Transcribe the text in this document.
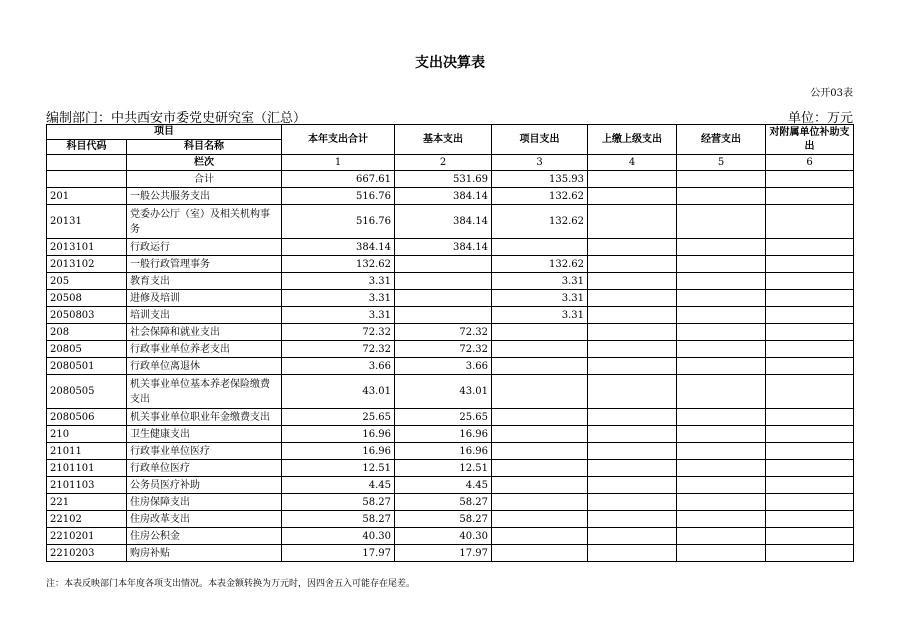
支出决算表
公开03表
编制部门：中共西安市委党史研究室（汇总）	单位：万元
项目		本年支出合计	基本支出	项目支出	上缴上级支出	经营支出	对附属单位补助支出
科目代码	科目名称						
	栏次	1	2	3	4	5	6
	合计	667.61	531.69	135.93			
201	一般公共服务支出	516.76	384.14	132.62			
20131	党委办公厅（室）及相关机构事务	516.76	384.14	132.62			
2013101	行政运行	384.14	384.14				
2013102	一般行政管理事务	132.62		132.62			
205	教育支出	3.31		3.31			
20508	进修及培训	3.31		3.31			
2050803	培训支出	3.31		3.31			
208	社会保障和就业支出	72.32	72.32				
20805	行政事业单位养老支出	72.32	72.32				
2080501	行政单位离退休	3.66	3.66				
2080505	机关事业单位基本养老保险缴费支出	43.01	43.01				
2080506	机关事业单位职业年金缴费支出	25.65	25.65				
210	卫生健康支出	16.96	16.96				
21011	行政事业单位医疗	16.96	16.96				
2101101	行政单位医疗	12.51	12.51				
2101103	公务员医疗补助	4.45	4.45				
221	住房保障支出	58.27	58.27				
22102	住房改革支出	58.27	58.27				
2210201	住房公积金	40.30	40.30				
2210203	购房补贴	17.97	17.97				
注：本表反映部门本年度各项支出情况。本表金额转换为万元时，因四舍五入可能存在尾差。
